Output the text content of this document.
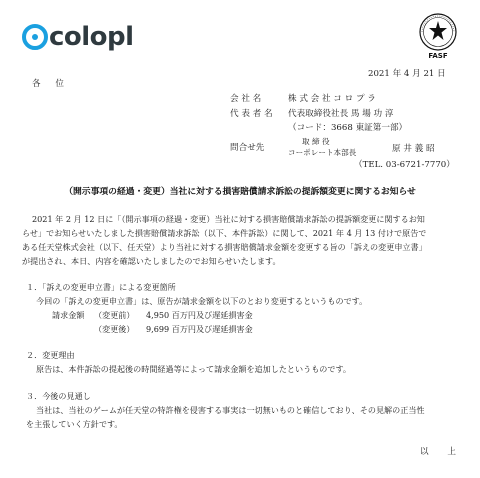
colopl
FASF
2021 年 4 月 21 日
各 位
会 社 名	株 式 会 社 コ ロ プ ラ
代 表 者 名 代表取締役社長 馬 場 功 淳
（コード：3668 東証第一部）
問合せ先
取 締 役
コーポレート本部長	原 井 義 昭
（TEL. 03-6721-7770）
（開示事項の経過・変更）当社に対する損害賠償請求訴訟の提訴額変更に関するお知らせ
2021 年 2 月 12 日に「（開示事項の経過・変更）当社に対する損害賠償請求訴訟の提訴額変更に関するお知
らせ」でお知らせいたしました損害賠償請求訴訟（以下、本件訴訟）に関して、2021 年 4 月 13 付けで原告で
ある任天堂株式会社（以下、任天堂）より当社に対する損害賠償請求金額を変更する旨の「訴えの変更申立書」
が提出され、本日、内容を確認いたしましたのでお知らせいたします。
１．「訴えの変更申立書」による変更箇所
今回の「訴えの変更申立書」は、原告が請求金額を以下のとおり変更するというものです。
請求金額 （変更前） 4,950 百万円及び遅延損害金
（変更後） 9,699 百万円及び遅延損害金
２．変更理由
原告は、本件訴訟の提起後の時間経過等によって請求金額を追加したというものです。
３．今後の見通し
当社は、当社のゲームが任天堂の特許権を侵害する事実は一切無いものと確信しており、その見解の正当性
を主張していく方針です。
以 上
